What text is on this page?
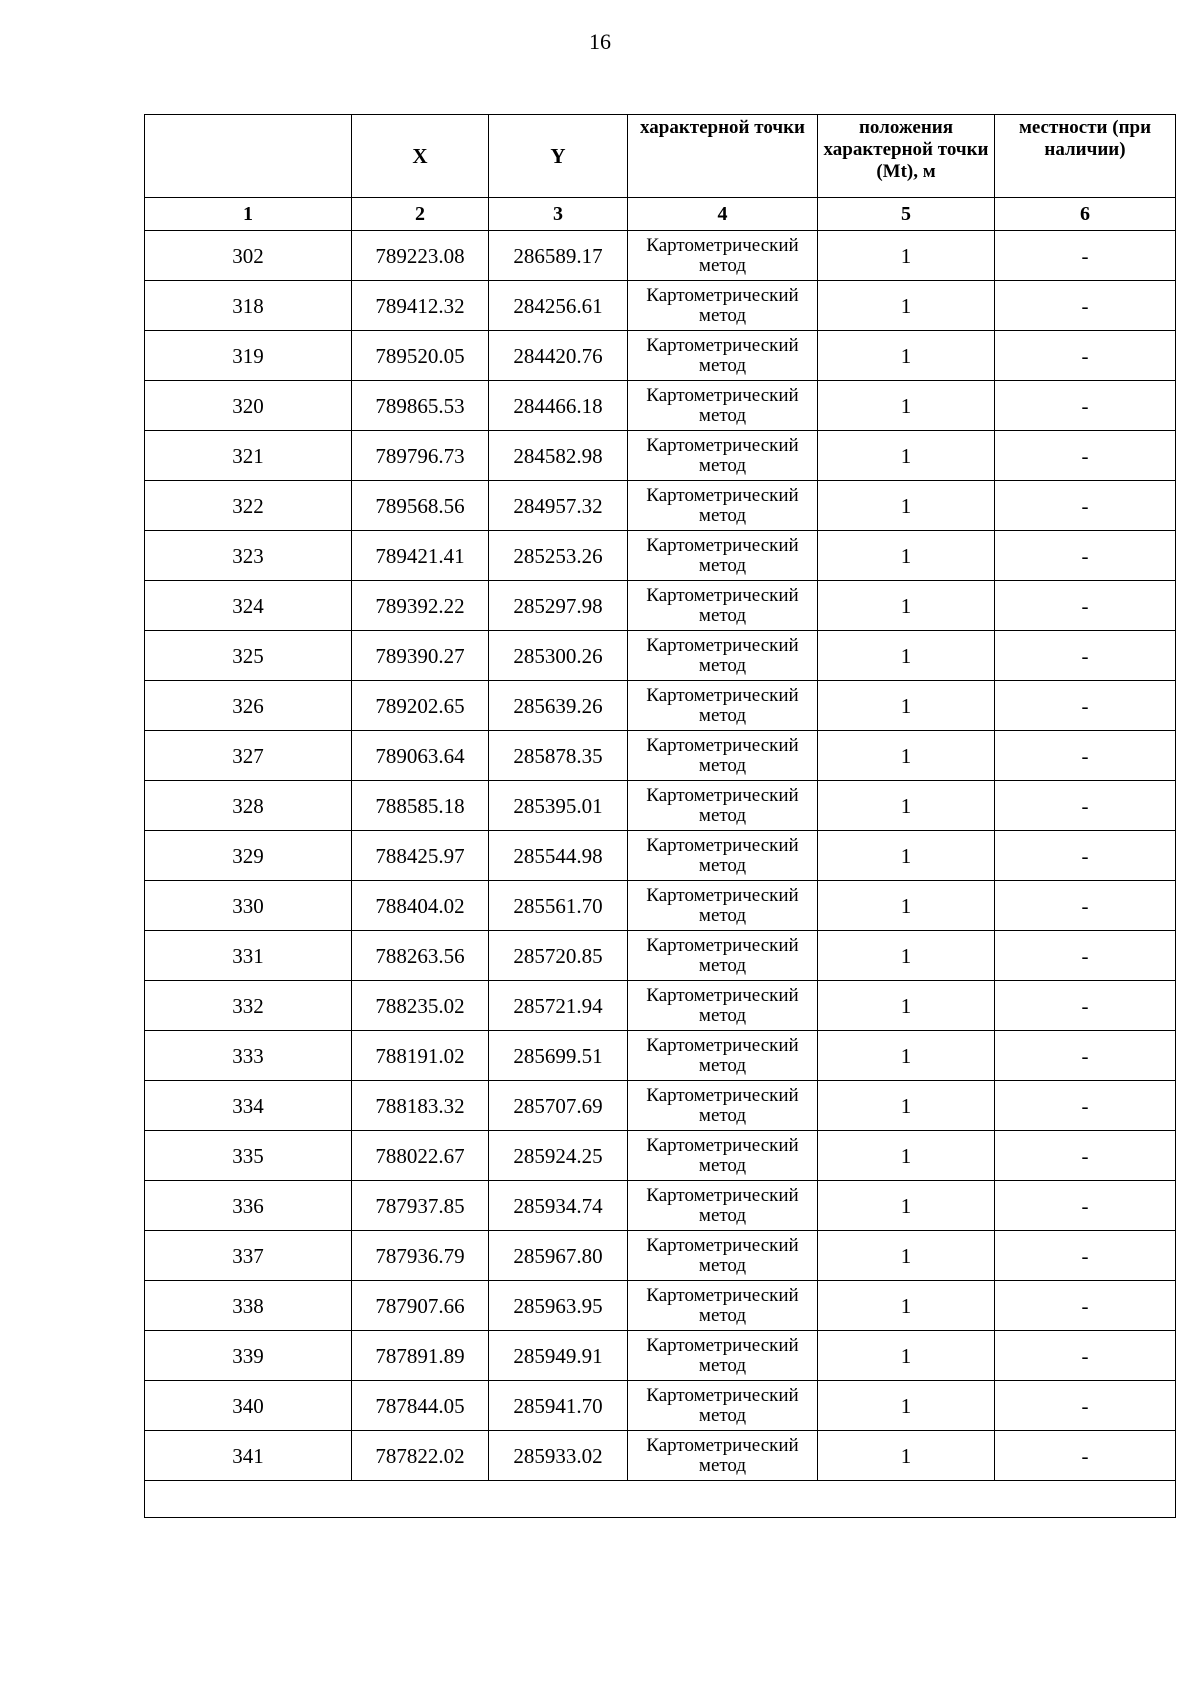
16
	X	Y	характерной точки	положения характерной точки (Mt), м	местности (при наличии)
1	2	3	4	5	6
302	789223.08	286589.17	Картометрический метод	1	-
318	789412.32	284256.61	Картометрический метод	1	-
319	789520.05	284420.76	Картометрический метод	1	-
320	789865.53	284466.18	Картометрический метод	1	-
321	789796.73	284582.98	Картометрический метод	1	-
322	789568.56	284957.32	Картометрический метод	1	-
323	789421.41	285253.26	Картометрический метод	1	-
324	789392.22	285297.98	Картометрический метод	1	-
325	789390.27	285300.26	Картометрический метод	1	-
326	789202.65	285639.26	Картометрический метод	1	-
327	789063.64	285878.35	Картометрический метод	1	-
328	788585.18	285395.01	Картометрический метод	1	-
329	788425.97	285544.98	Картометрический метод	1	-
330	788404.02	285561.70	Картометрический метод	1	-
331	788263.56	285720.85	Картометрический метод	1	-
332	788235.02	285721.94	Картометрический метод	1	-
333	788191.02	285699.51	Картометрический метод	1	-
334	788183.32	285707.69	Картометрический метод	1	-
335	788022.67	285924.25	Картометрический метод	1	-
336	787937.85	285934.74	Картометрический метод	1	-
337	787936.79	285967.80	Картометрический метод	1	-
338	787907.66	285963.95	Картометрический метод	1	-
339	787891.89	285949.91	Картометрический метод	1	-
340	787844.05	285941.70	Картометрический метод	1	-
341	787822.02	285933.02	Картометрический метод	1	-
